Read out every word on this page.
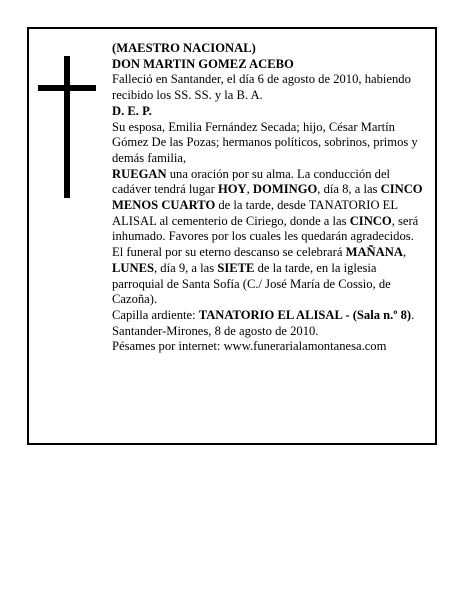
(MAESTRO NACIONAL)

DON MARTIN GOMEZ ACEBO

Falleció en Santander, el día 6 de agosto de 2010, habiendo recibido los SS. SS. y la B. A.

D. E. P.

Su esposa, Emilia Fernández Secada; hijo, César Martín Gómez De las Pozas; hermanos políticos, sobrinos, primos y demás familia,

RUEGAN una oración por su alma. La conducción del cadáver tendrá lugar HOY, DOMINGO, día 8, a las CINCO MENOS CUARTO de la tarde, desde TANATORIO EL ALISAL al cementerio de Ciriego, donde a las CINCO, será inhumado. Favores por los cuales les quedarán agradecidos. El funeral por su eterno descanso se celebrará MAÑANA, LUNES, día 9, a las SIETE de la tarde, en la iglesia parroquial de Santa Sofía (C./ José María de Cossio, de Cazoña).

Capilla ardiente: TANATORIO EL ALISAL - (Sala n.º 8).

Santander-Mirones, 8 de agosto de 2010.

Pésames por internet: www.funerarialamontanesa.com
